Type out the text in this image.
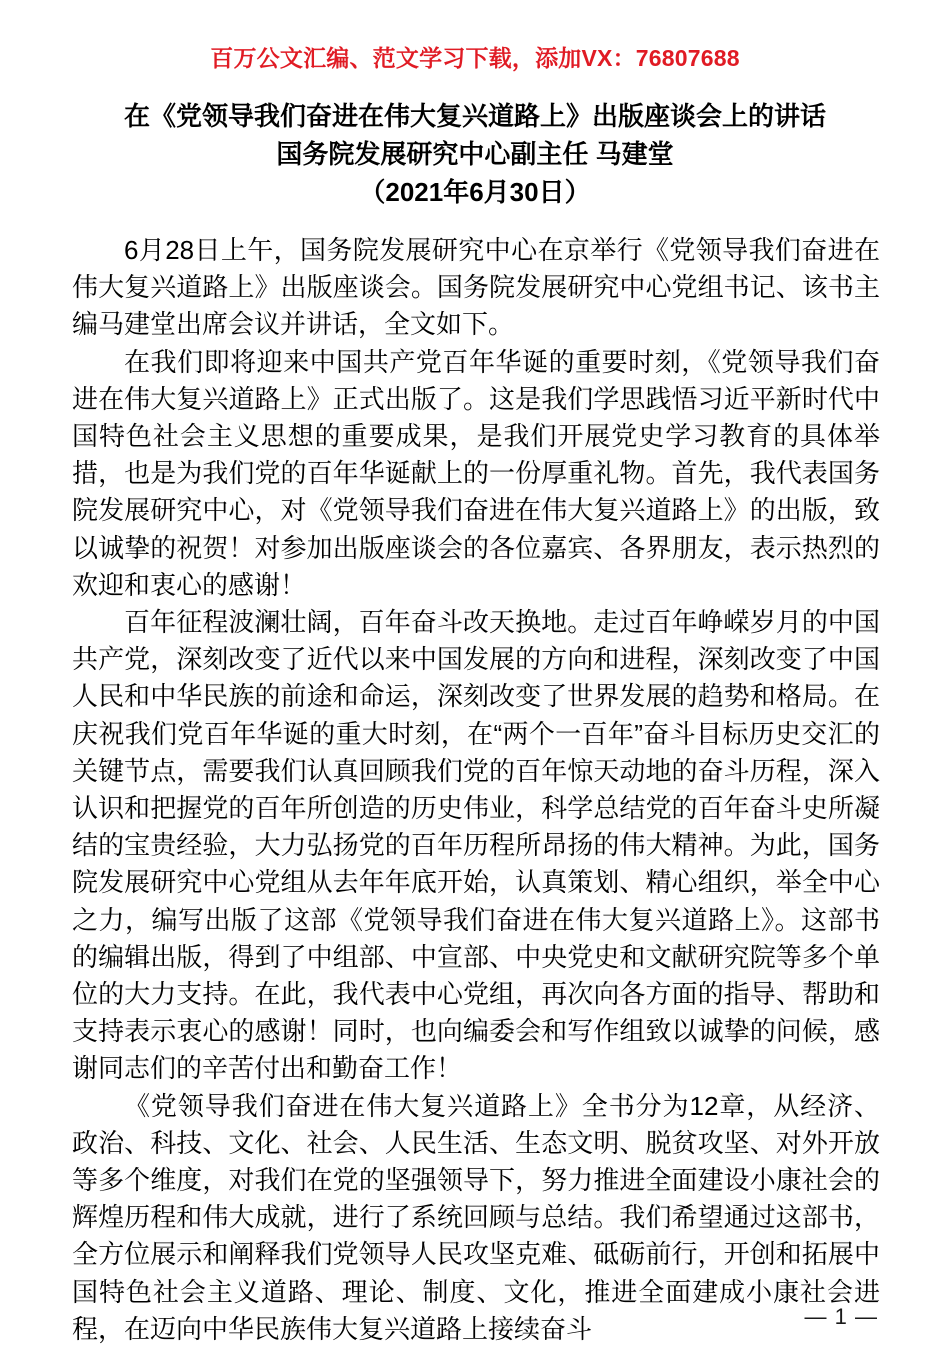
百万公文汇编、范文学习下载，添加VX：76807688
在《党领导我们奋进在伟大复兴道路上》出版座谈会上的讲话
国务院发展研究中心副主任 马建堂
（2021年6月30日）

6月28日上午，国务院发展研究中心在京举行《党领导我们奋进在伟大复兴道路上》出版座谈会。国务院发展研究中心党组书记、该书主编马建堂出席会议并讲话，全文如下。

在我们即将迎来中国共产党百年华诞的重要时刻，《党领导我们奋进在伟大复兴道路上》正式出版了。这是我们学思践悟习近平新时代中国特色社会主义思想的重要成果，是我们开展党史学习教育的具体举措，也是为我们党的百年华诞献上的一份厚重礼物。首先，我代表国务院发展研究中心，对《党领导我们奋进在伟大复兴道路上》的出版，致以诚挚的祝贺！对参加出版座谈会的各位嘉宾、各界朋友，表示热烈的欢迎和衷心的感谢！

百年征程波澜壮阔，百年奋斗改天换地。走过百年峥嵘岁月的中国共产党，深刻改变了近代以来中国发展的方向和进程，深刻改变了中国人民和中华民族的前途和命运，深刻改变了世界发展的趋势和格局。在庆祝我们党百年华诞的重大时刻，在“两个一百年”奋斗目标历史交汇的关键节点，需要我们认真回顾我们党的百年惊天动地的奋斗历程，深入认识和把握党的百年所创造的历史伟业，科学总结党的百年奋斗史所凝结的宝贵经验，大力弘扬党的百年历程所昂扬的伟大精神。为此，国务院发展研究中心党组从去年年底开始，认真策划、精心组织，举全中心之力，编写出版了这部《党领导我们奋进在伟大复兴道路上》。这部书的编辑出版，得到了中组部、中宣部、中央党史和文献研究院等多个单位的大力支持。在此，我代表中心党组，再次向各方面的指导、帮助和支持表示衷心的感谢！同时，也向编委会和写作组致以诚挚的问候，感谢同志们的辛苦付出和勤奋工作！

《党领导我们奋进在伟大复兴道路上》全书分为12章，从经济、政治、科技、文化、社会、人民生活、生态文明、脱贫攻坚、对外开放等多个维度，对我们在党的坚强领导下，努力推进全面建设小康社会的辉煌历程和伟大成就，进行了系统回顾与总结。我们希望通过这部书，全方位展示和阐释我们党领导人民攻坚克难、砥砺前行，开创和拓展中国特色社会主义道路、理论、制度、文化，推进全面建成小康社会进程，在迈向中华民族伟大复兴道路上接续奋斗	— 1 —
